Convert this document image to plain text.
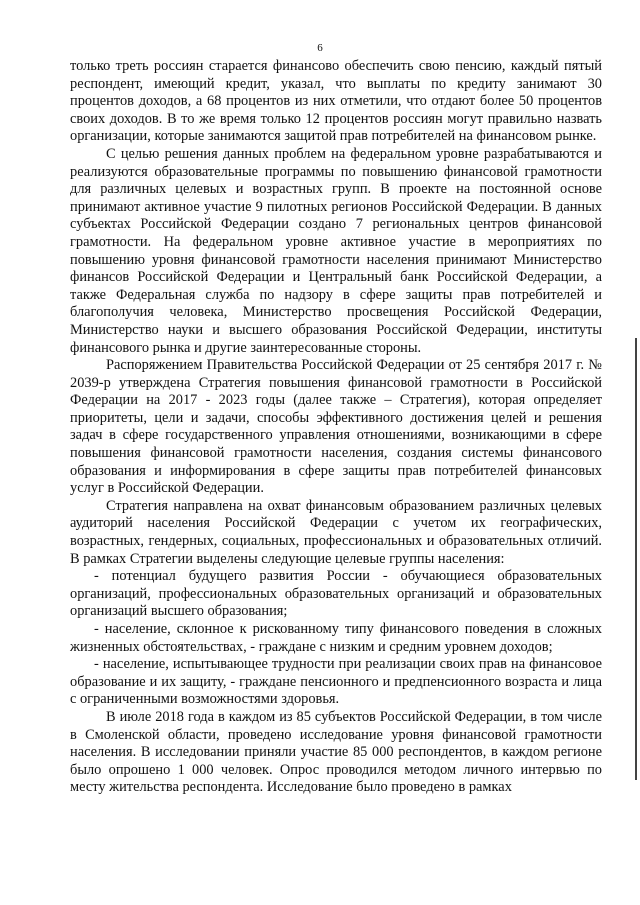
6

только треть россиян старается финансово обеспечить свою пенсию, каждый пятый респондент, имеющий кредит, указал, что выплаты по кредиту занимают 30 процентов доходов, а 68 процентов из них отметили, что отдают более 50 процентов своих доходов. В то же время только 12 процентов россиян могут правильно назвать организации, которые занимаются защитой прав потребителей на финансовом рынке.

С целью решения данных проблем на федеральном уровне разрабатываются и реализуются образовательные программы по повышению финансовой грамотности для различных целевых и возрастных групп. В проекте на постоянной основе принимают активное участие 9 пилотных регионов Российской Федерации. В данных субъектах Российской Федерации создано 7 региональных центров финансовой грамотности. На федеральном уровне активное участие в мероприятиях по повышению уровня финансовой грамотности населения принимают Министерство финансов Российской Федерации и Центральный банк Российской Федерации, а также Федеральная служба по надзору в сфере защиты прав потребителей и благополучия человека, Министерство просвещения Российской Федерации, Министерство науки и высшего образования Российской Федерации, институты финансового рынка и другие заинтересованные стороны.

Распоряжением Правительства Российской Федерации от 25 сентября 2017 г. № 2039-р утверждена Стратегия повышения финансовой грамотности в Российской Федерации на 2017 - 2023 годы (далее также – Стратегия), которая определяет приоритеты, цели и задачи, способы эффективного достижения целей и решения задач в сфере государственного управления отношениями, возникающими в сфере повышения финансовой грамотности населения, создания системы финансового образования и информирования в сфере защиты прав потребителей финансовых услуг в Российской Федерации.

Стратегия направлена на охват финансовым образованием различных целевых аудиторий населения Российской Федерации с учетом их географических, возрастных, гендерных, социальных, профессиональных и образовательных отличий. В рамках Стратегии выделены следующие целевые группы населения:

- потенциал будущего развития России - обучающиеся образовательных организаций, профессиональных образовательных организаций и образовательных организаций высшего образования;

- население, склонное к рискованному типу финансового поведения в сложных жизненных обстоятельствах, - граждане с низким и средним уровнем доходов;

- население, испытывающее трудности при реализации своих прав на финансовое образование и их защиту, - граждане пенсионного и предпенсионного возраста и лица с ограниченными возможностями здоровья.

В июле 2018 года в каждом из 85 субъектов Российской Федерации, в том числе в Смоленской области, проведено исследование уровня финансовой грамотности населения. В исследовании приняли участие 85 000 респондентов, в каждом регионе было опрошено 1 000 человек. Опрос проводился методом личного интервью по месту жительства респондента. Исследование было проведено в рамках
